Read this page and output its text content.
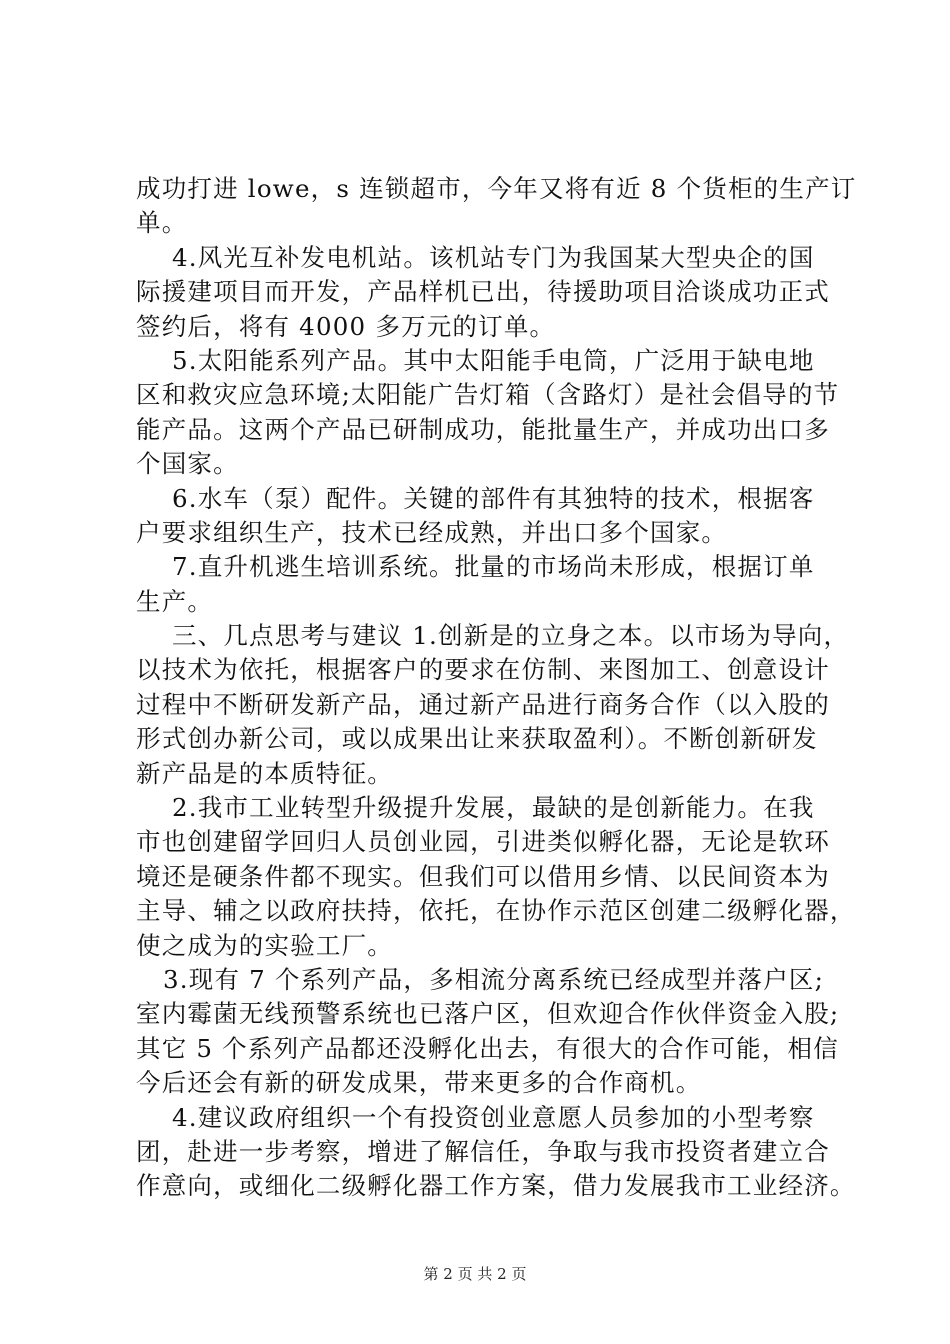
成功打进 lowe，s 连锁超市，今年又将有近 8 个货柜的生产订
单。
4.风光互补发电机站。该机站专门为我国某大型央企的国
际援建项目而开发，产品样机已出，待援助项目洽谈成功正式
签约后，将有 4000 多万元的订单。
5.太阳能系列产品。其中太阳能手电筒，广泛用于缺电地
区和救灾应急环境;太阳能广告灯箱（含路灯）是社会倡导的节
能产品。这两个产品已研制成功，能批量生产，并成功出口多
个国家。
6.水车（泵）配件。关键的部件有其独特的技术，根据客
户要求组织生产，技术已经成熟，并出口多个国家。
7.直升机逃生培训系统。批量的市场尚未形成，根据订单
生产。
三、几点思考与建议 1.创新是的立身之本。以市场为导向，
以技术为依托，根据客户的要求在仿制、来图加工、创意设计
过程中不断研发新产品，通过新产品进行商务合作（以入股的
形式创办新公司，或以成果出让来获取盈利）。不断创新研发
新产品是的本质特征。
2.我市工业转型升级提升发展，最缺的是创新能力。在我
市也创建留学回归人员创业园，引进类似孵化器，无论是软环
境还是硬条件都不现实。但我们可以借用乡情、以民间资本为
主导、辅之以政府扶持，依托，在协作示范区创建二级孵化器，
使之成为的实验工厂。
3.现有 7 个系列产品，多相流分离系统已经成型并落户区;
室内霉菌无线预警系统也已落户区，但欢迎合作伙伴资金入股;
其它 5 个系列产品都还没孵化出去，有很大的合作可能，相信
今后还会有新的研发成果，带来更多的合作商机。
4.建议政府组织一个有投资创业意愿人员参加的小型考察
团，赴进一步考察，增进了解信任，争取与我市投资者建立合
作意向，或细化二级孵化器工作方案，借力发展我市工业经济。
第 2 页 共 2 页
